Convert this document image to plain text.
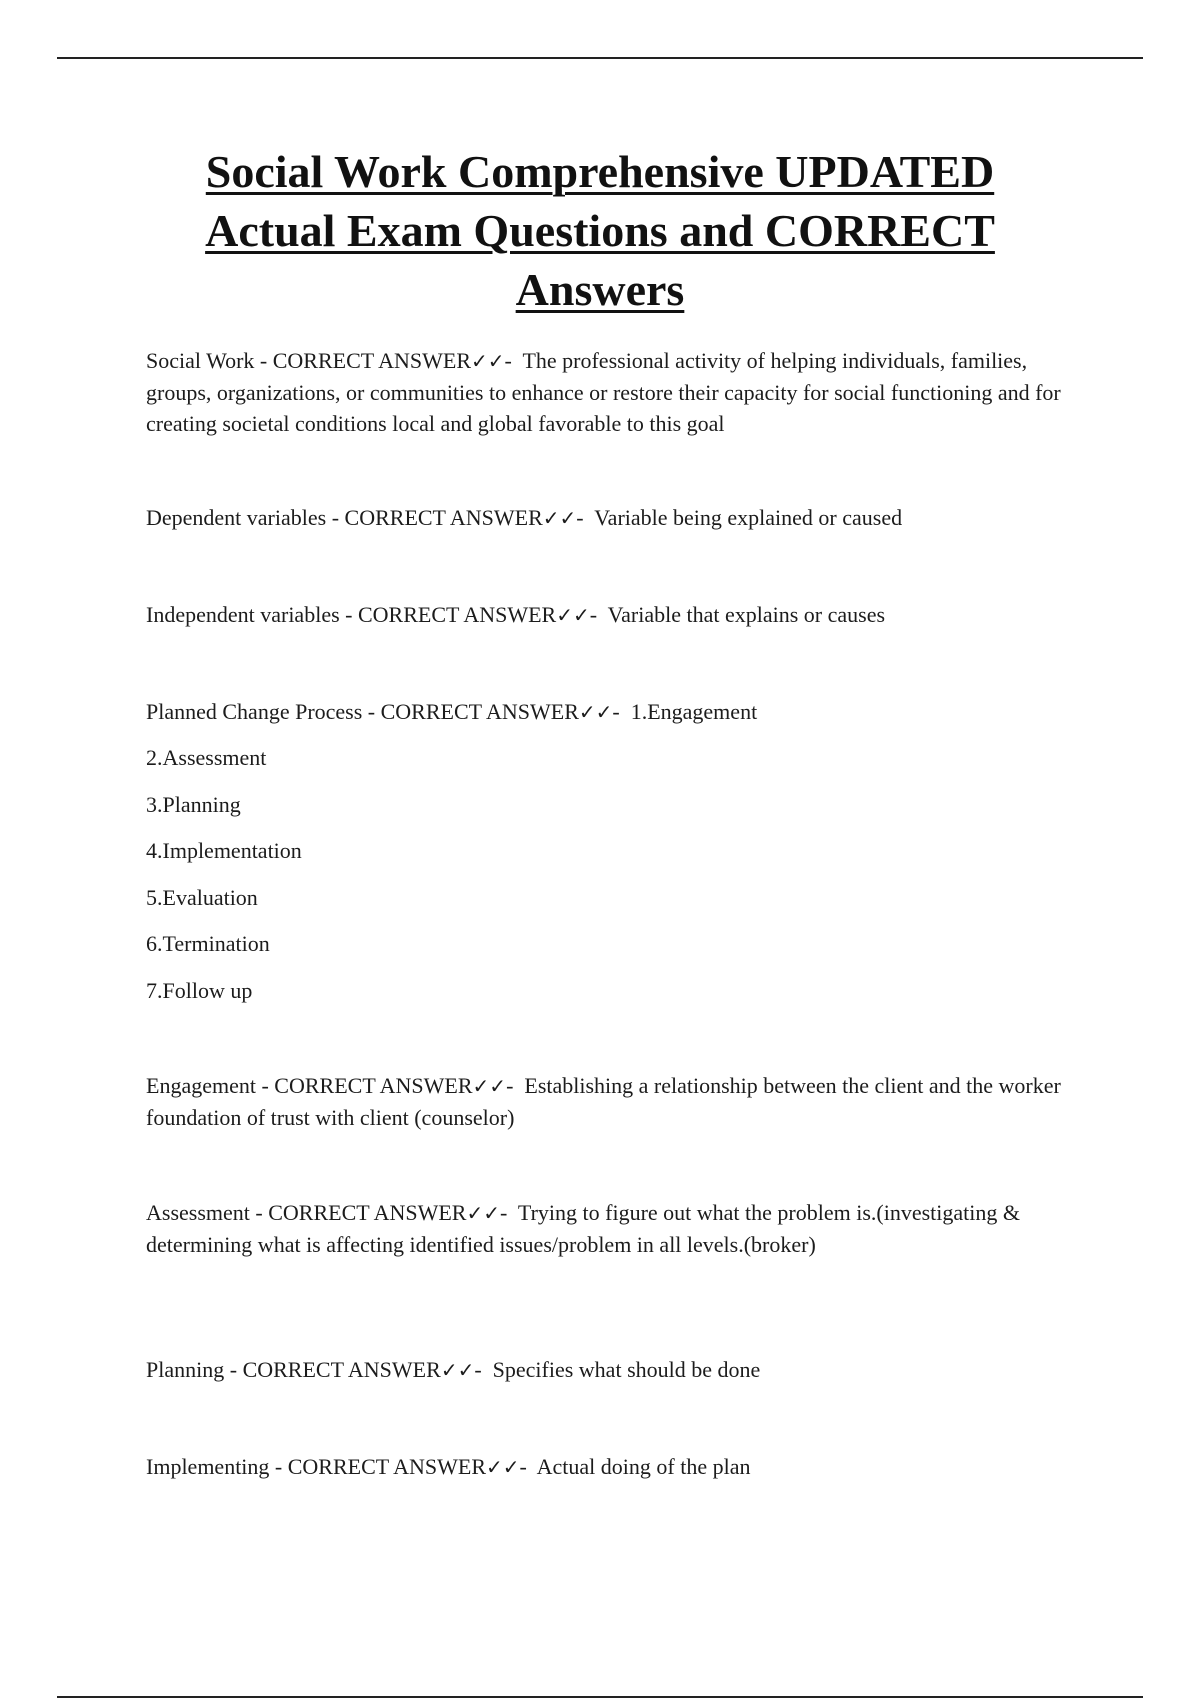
Social Work Comprehensive UPDATED
Actual Exam Questions and CORRECT
Answers
Social Work - CORRECT ANSWER✓✓-  The professional activity of helping individuals, families, groups, organizations, or communities to enhance or restore their capacity for social functioning and for creating societal conditions local and global favorable to this goal
Dependent variables - CORRECT ANSWER✓✓-  Variable being explained or caused
Independent variables - CORRECT ANSWER✓✓-  Variable that explains or causes
Planned Change Process - CORRECT ANSWER✓✓-  1.Engagement
2.Assessment
3.Planning
4.Implementation
5.Evaluation
6.Termination
7.Follow up
Engagement - CORRECT ANSWER✓✓-  Establishing a relationship between the client and the worker foundation of trust with client (counselor)
Assessment - CORRECT ANSWER✓✓-  Trying to figure out what the problem is.(investigating & determining what is affecting identified issues/problem in all levels.(broker)
Planning - CORRECT ANSWER✓✓-  Specifies what should be done
Implementing - CORRECT ANSWER✓✓-  Actual doing of the plan
